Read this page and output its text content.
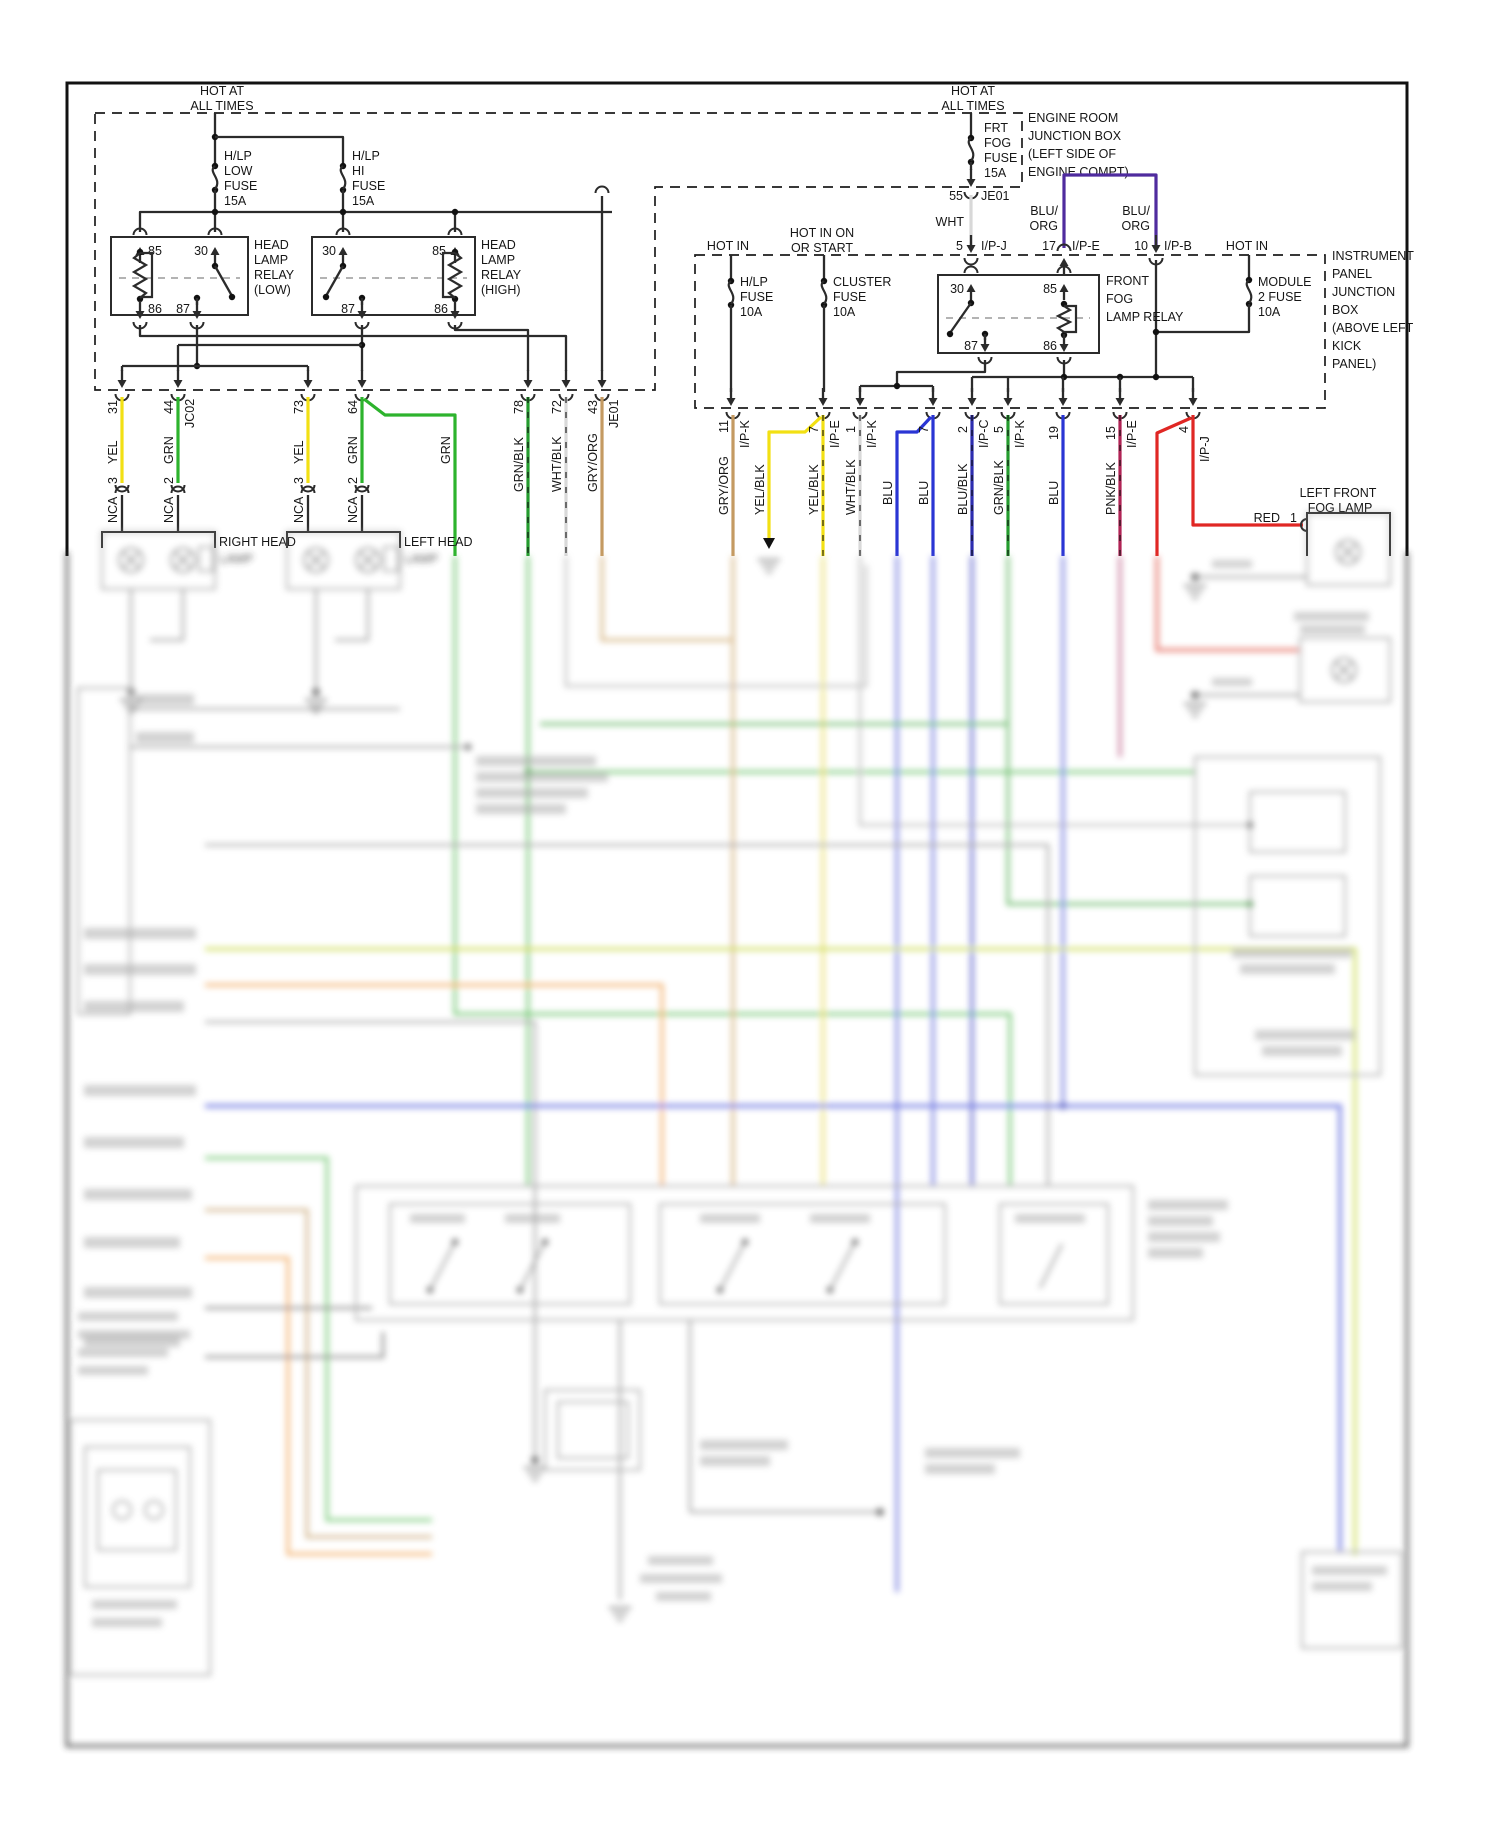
ENGINE ROOM
JUNCTION BOX
(LEFT SIDE OF
ENGINE COMPT)
INSTRUMENT
PANEL
JUNCTION
BOX
(ABOVE LEFT
KICK
PANEL)
HOT AT
ALL TIMES
H/LP
LOW
FUSE
15A
H/LP
HI
FUSE
15A
85	30
86 87
HEAD
LAMP
RELAY
(LOW)
30	85
87	86
HEAD
LAMP
RELAY
(HIGH)
31
YEL
3
NCA
44 JC02
GRN
2
NCA
73
YEL
3
NCA
64
GRN	GRN
2
NCA
78
GRN/BLK
72
WHT/BLK
43 JE01
GRY/ORG
RIGHT HEAD	LEFT HEAD
HOT AT
ALL TIMES
FRT
FOG
FUSE
15A
55 JE01
WHT
5 I/P-J
BLU/
ORG
BLU/
ORG
17 I/P-E	10 I/P-B
HOT IN
HOT IN ON
OR START	HOT IN
H/LP
FUSE
10A
CLUSTER
FUSE
10A
MODULE
2 FUSE
10A
30	85
87	86
FRONT
FOG
LAMP RELAY
11 I/P-K
GRY/ORG
7 I/P-E
YEL/BLK
YEL/BLK
1 I/P-K
WHT/BLK
7
BLU
BLU
2 I/P-C
BLU/BLK
5 I/P-K
GRN/BLK
19
BLU
15 I/P-E
PNK/BLK
4
I/P-J
LEFT FRONT
FOG LAMP
RED 1
LAMP	LAMP
